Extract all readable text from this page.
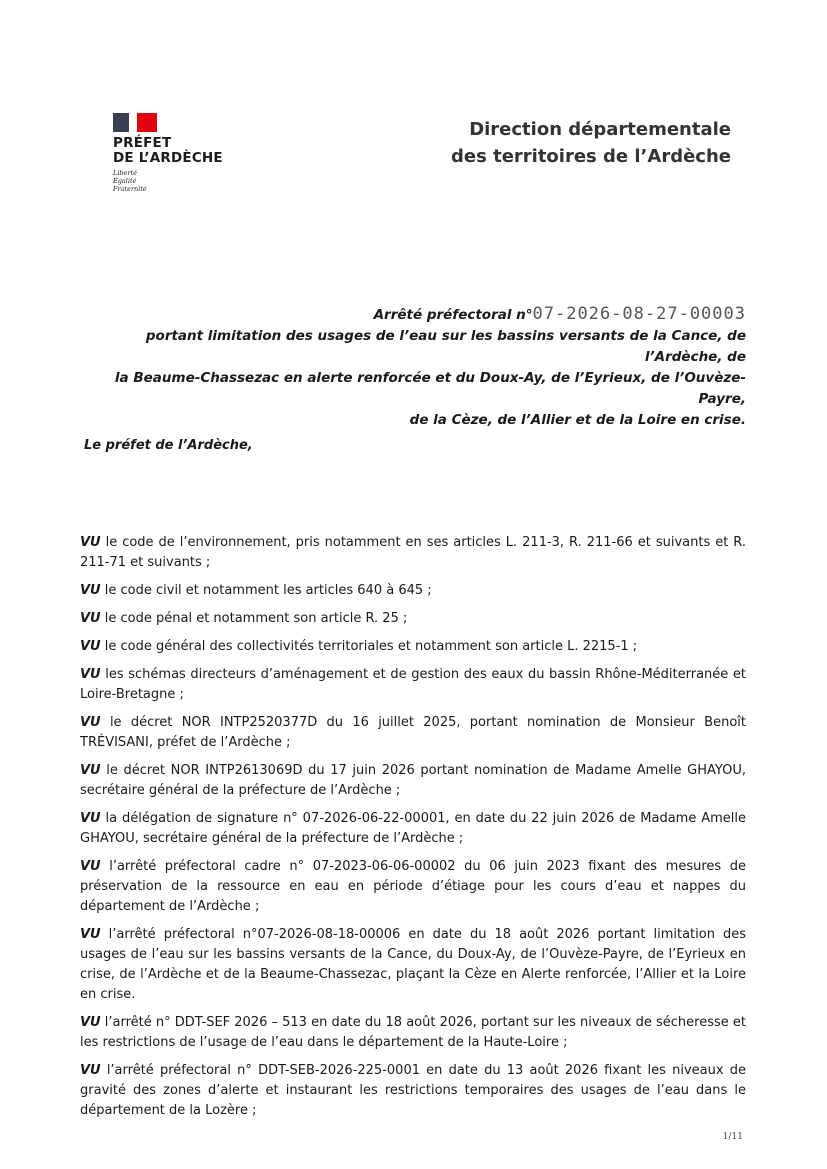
PRÉFET
DE L’ARDÈCHE
Liberté
Égalité
Fraternité
Direction départementale
des territoires de l’Ardèche
Arrêté préfectoral n°07-2026-08-27-00003
portant limitation des usages de l’eau sur les bassins versants de la Cance, de l’Ardèche, de
la Beaume-Chassezac en alerte renforcée et du Doux-Ay, de l’Eyrieux, de l’Ouvèze-Payre,
de la Cèze, de l’Allier et de la Loire en crise.
Le préfet de l’Ardèche,

VU le code de l’environnement, pris notamment en ses articles L. 211-3, R. 211-66 et suivants et R. 211-71 et suivants ;

VU le code civil et notamment les articles 640 à 645 ;

VU le code pénal et notamment son article R. 25 ;

VU le code général des collectivités territoriales et notamment son article L. 2215-1 ;

VU les schémas directeurs d’aménagement et de gestion des eaux du bassin Rhône-Méditerranée et Loire-Bretagne ;

VU le décret NOR INTP2520377D du 16 juillet 2025, portant nomination de Monsieur Benoît TRÉVISANI, préfet de l’Ardèche ;

VU le décret NOR INTP2613069D du 17 juin 2026 portant nomination de Madame Amelle GHAYOU, secrétaire général de la préfecture de l’Ardèche ;

VU la délégation de signature n° 07-2026-06-22-00001, en date du 22 juin 2026 de Madame Amelle GHAYOU, secrétaire général de la préfecture de l’Ardèche ;

VU l’arrêté préfectoral cadre n° 07-2023-06-06-00002 du 06 juin 2023 fixant des mesures de préservation de la ressource en eau en période d’étiage pour les cours d’eau et nappes du département de l’Ardèche ;

VU l’arrêté préfectoral n°07-2026-08-18-00006 en date du 18 août 2026 portant limitation des usages de l’eau sur les bassins versants de la Cance, du Doux-Ay, de l’Ouvèze-Payre, de l’Eyrieux en crise, de l’Ardèche et de la Beaume-Chassezac, plaçant la Cèze en Alerte renforcée, l’Allier et la Loire en crise.

VU l’arrêté n° DDT-SEF 2026 – 513 en date du 18 août 2026, portant sur les niveaux de sécheresse et les restrictions de l’usage de l’eau dans le département de la Haute-Loire ;

VU l’arrêté préfectoral n° DDT-SEB-2026-225-0001 en date du 13 août 2026 fixant les niveaux de gravité des zones d’alerte et instaurant les restrictions temporaires des usages de l’eau dans le département de la Lozère ;

1/11
